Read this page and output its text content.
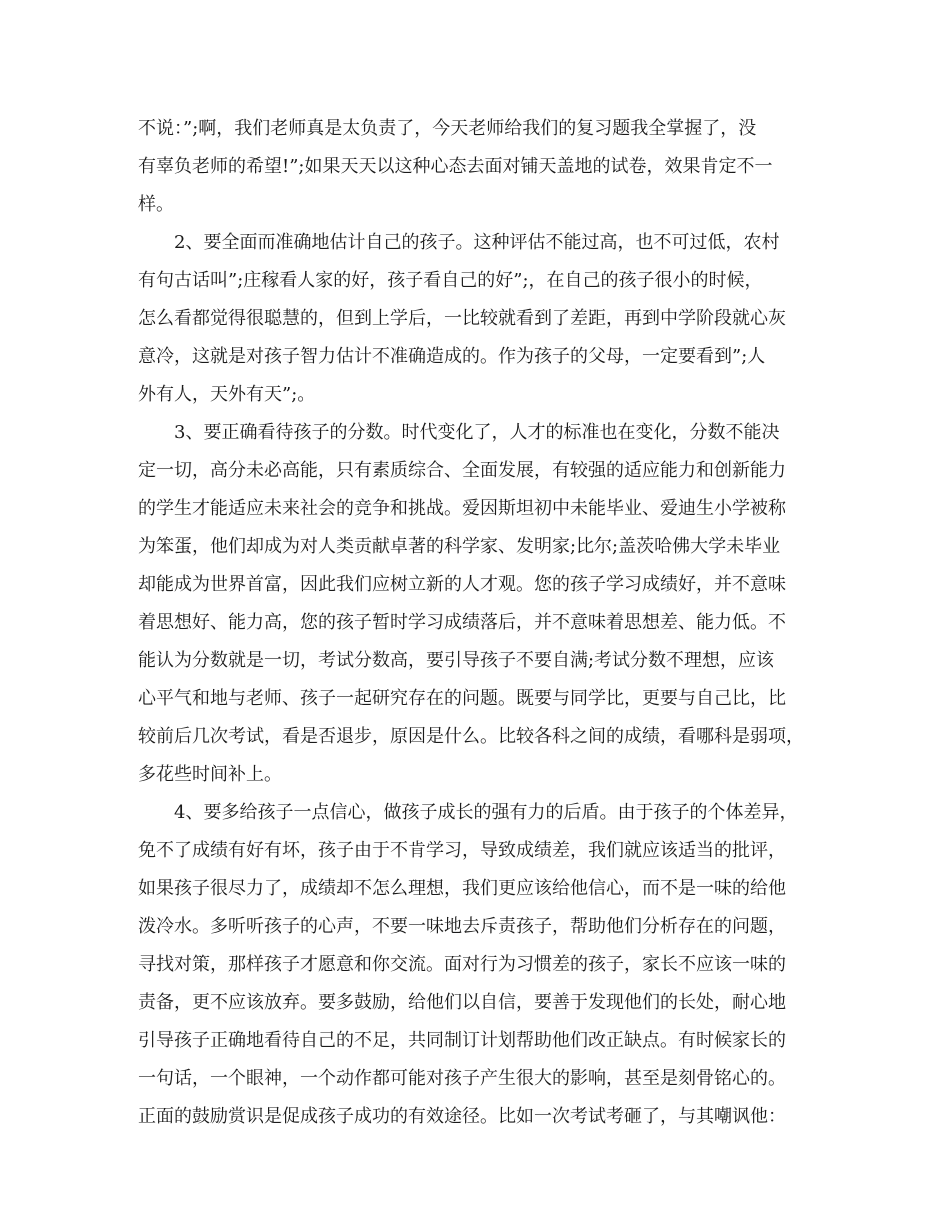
不说：”;啊，我们老师真是太负责了，今天老师给我们的复习题我全掌握了，没

有辜负老师的希望!”;如果天天以这种心态去面对铺天盖地的试卷，效果肯定不一

样。

2、要全面而准确地估计自己的孩子。这种评估不能过高，也不可过低，农村

有句古话叫”;庄稼看人家的好，孩子看自己的好”;，在自己的孩子很小的时候，

怎么看都觉得很聪慧的，但到上学后，一比较就看到了差距，再到中学阶段就心灰

意冷，这就是对孩子智力估计不准确造成的。作为孩子的父母，一定要看到”;人

外有人，天外有天”;。

3、要正确看待孩子的分数。时代变化了，人才的标准也在变化，分数不能决

定一切，高分未必高能，只有素质综合、全面发展，有较强的适应能力和创新能力

的学生才能适应未来社会的竞争和挑战。爱因斯坦初中未能毕业、爱迪生小学被称

为笨蛋，他们却成为对人类贡献卓著的科学家、发明家;比尔;盖茨哈佛大学未毕业

却能成为世界首富，因此我们应树立新的人才观。您的孩子学习成绩好，并不意味

着思想好、能力高，您的孩子暂时学习成绩落后，并不意味着思想差、能力低。不

能认为分数就是一切，考试分数高，要引导孩子不要自满;考试分数不理想，应该

心平气和地与老师、孩子一起研究存在的问题。既要与同学比，更要与自己比，比

较前后几次考试，看是否退步，原因是什么。比较各科之间的成绩，看哪科是弱项，

多花些时间补上。

4、要多给孩子一点信心，做孩子成长的强有力的后盾。由于孩子的个体差异，

免不了成绩有好有坏，孩子由于不肯学习，导致成绩差，我们就应该适当的批评，

如果孩子很尽力了，成绩却不怎么理想，我们更应该给他信心，而不是一味的给他

泼冷水。多听听孩子的心声，不要一味地去斥责孩子，帮助他们分析存在的问题，

寻找对策，那样孩子才愿意和你交流。面对行为习惯差的孩子，家长不应该一味的

责备，更不应该放弃。要多鼓励，给他们以自信，要善于发现他们的长处，耐心地

引导孩子正确地看待自己的不足，共同制订计划帮助他们改正缺点。有时候家长的

一句话，一个眼神，一个动作都可能对孩子产生很大的影响，甚至是刻骨铭心的。

正面的鼓励赏识是促成孩子成功的有效途径。比如一次考试考砸了，与其嘲讽他：
